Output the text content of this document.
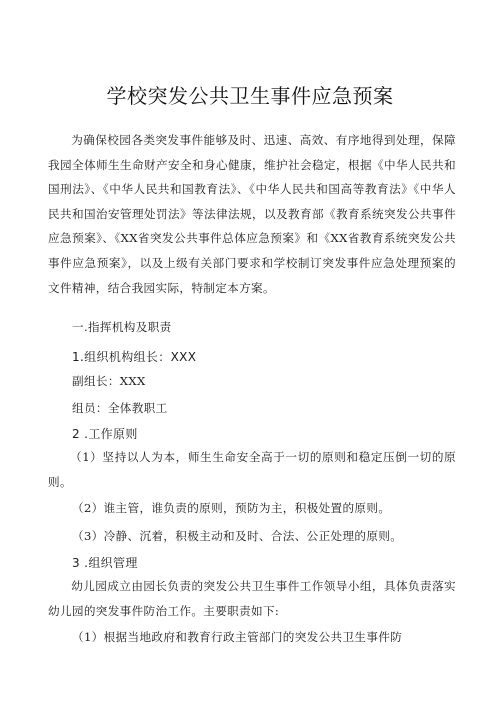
学校突发公共卫生事件应急预案
为确保校园各类突发事件能够及时、迅速、高效、有序地得到处理，保障我园全体师生生命财产安全和身心健康，维护社会稳定，根据《中华人民共和国刑法》、《中华人民共和国教育法》、《中华人民共和国高等教育法》《中华人民共和国治安管理处罚法》等法律法规，以及教育部《教育系统突发公共事件应急预案》、《XX省突发公共事件总体应急预案》和《XX省教育系统突发公共事件应急预案》，以及上级有关部门要求和学校制订突发事件应急处理预案的文件精神，结合我园实际，特制定本方案。
一.指挥机构及职责
1.组织机构组长：XXX
副组长：XXX
组员：全体教职工
2 .工作原则
（1）坚持以人为本，师生生命安全高于一切的原则和稳定压倒一切的原则。
（2）谁主管，谁负责的原则，预防为主，积极处置的原则。
（3）冷静、沉着，积极主动和及时、合法、公正处理的原则。
3 .组织管理
幼儿园成立由园长负责的突发公共卫生事件工作领导小组，具体负责落实幼儿园的突发事件防治工作。主要职责如下:
（1）根据当地政府和教育行政主管部门的突发公共卫生事件防
